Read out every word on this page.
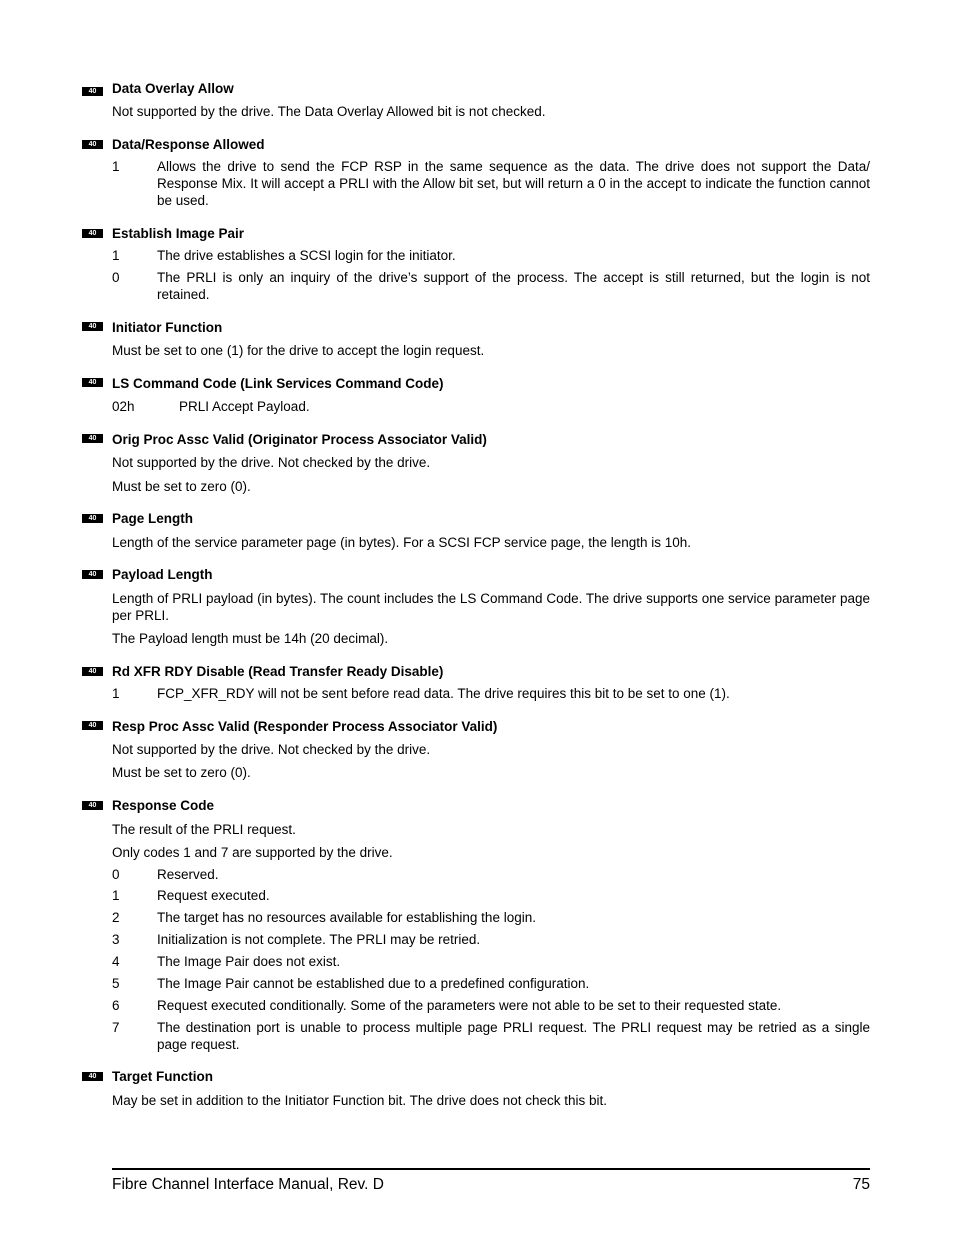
40	Data Overlay Allow
Not supported by the drive. The Data Overlay Allowed bit is not checked.
40	Data/Response Allowed
1	Allows the drive to send the FCP RSP in the same sequence as the data. The drive does not support the Data/ Response Mix. It will accept a PRLI with the Allow bit set, but will return a 0 in the accept to indicate the function cannot be used.
40	Establish Image Pair
1	The drive establishes a SCSI login for the initiator.
0	The PRLI is only an inquiry of the drive’s support of the process. The accept is still returned, but the login is not retained.
40	Initiator Function
Must be set to one (1) for the drive to accept the login request.
40	LS Command Code (Link Services Command Code)
02h	PRLI Accept Payload.
40	Orig Proc Assc Valid (Originator Process Associator Valid)
Not supported by the drive. Not checked by the drive.
Must be set to zero (0).
40	Page Length
Length of the service parameter page (in bytes). For a SCSI FCP service page, the length is 10h.
40	Payload Length
Length of PRLI payload (in bytes). The count includes the LS Command Code. The drive supports one service parameter page per PRLI.
The Payload length must be 14h (20 decimal).
40	Rd XFR RDY Disable (Read Transfer Ready Disable)
1	FCP_XFR_RDY will not be sent before read data. The drive requires this bit to be set to one (1).
40	Resp Proc Assc Valid (Responder Process Associator Valid)
Not supported by the drive. Not checked by the drive.
Must be set to zero (0).
40	Response Code
The result of the PRLI request.
Only codes 1 and 7 are supported by the drive.
0	Reserved.
1	Request executed.
2	The target has no resources available for establishing the login.
3	Initialization is not complete. The PRLI may be retried.
4	The Image Pair does not exist.
5	The Image Pair cannot be established due to a predefined configuration.
6	Request executed conditionally. Some of the parameters were not able to be set to their requested state.
7	The destination port is unable to process multiple page PRLI request. The PRLI request may be retried as a single page request.
40	Target Function
May be set in addition to the Initiator Function bit. The drive does not check this bit.
Fibre Channel Interface Manual, Rev. D	75
